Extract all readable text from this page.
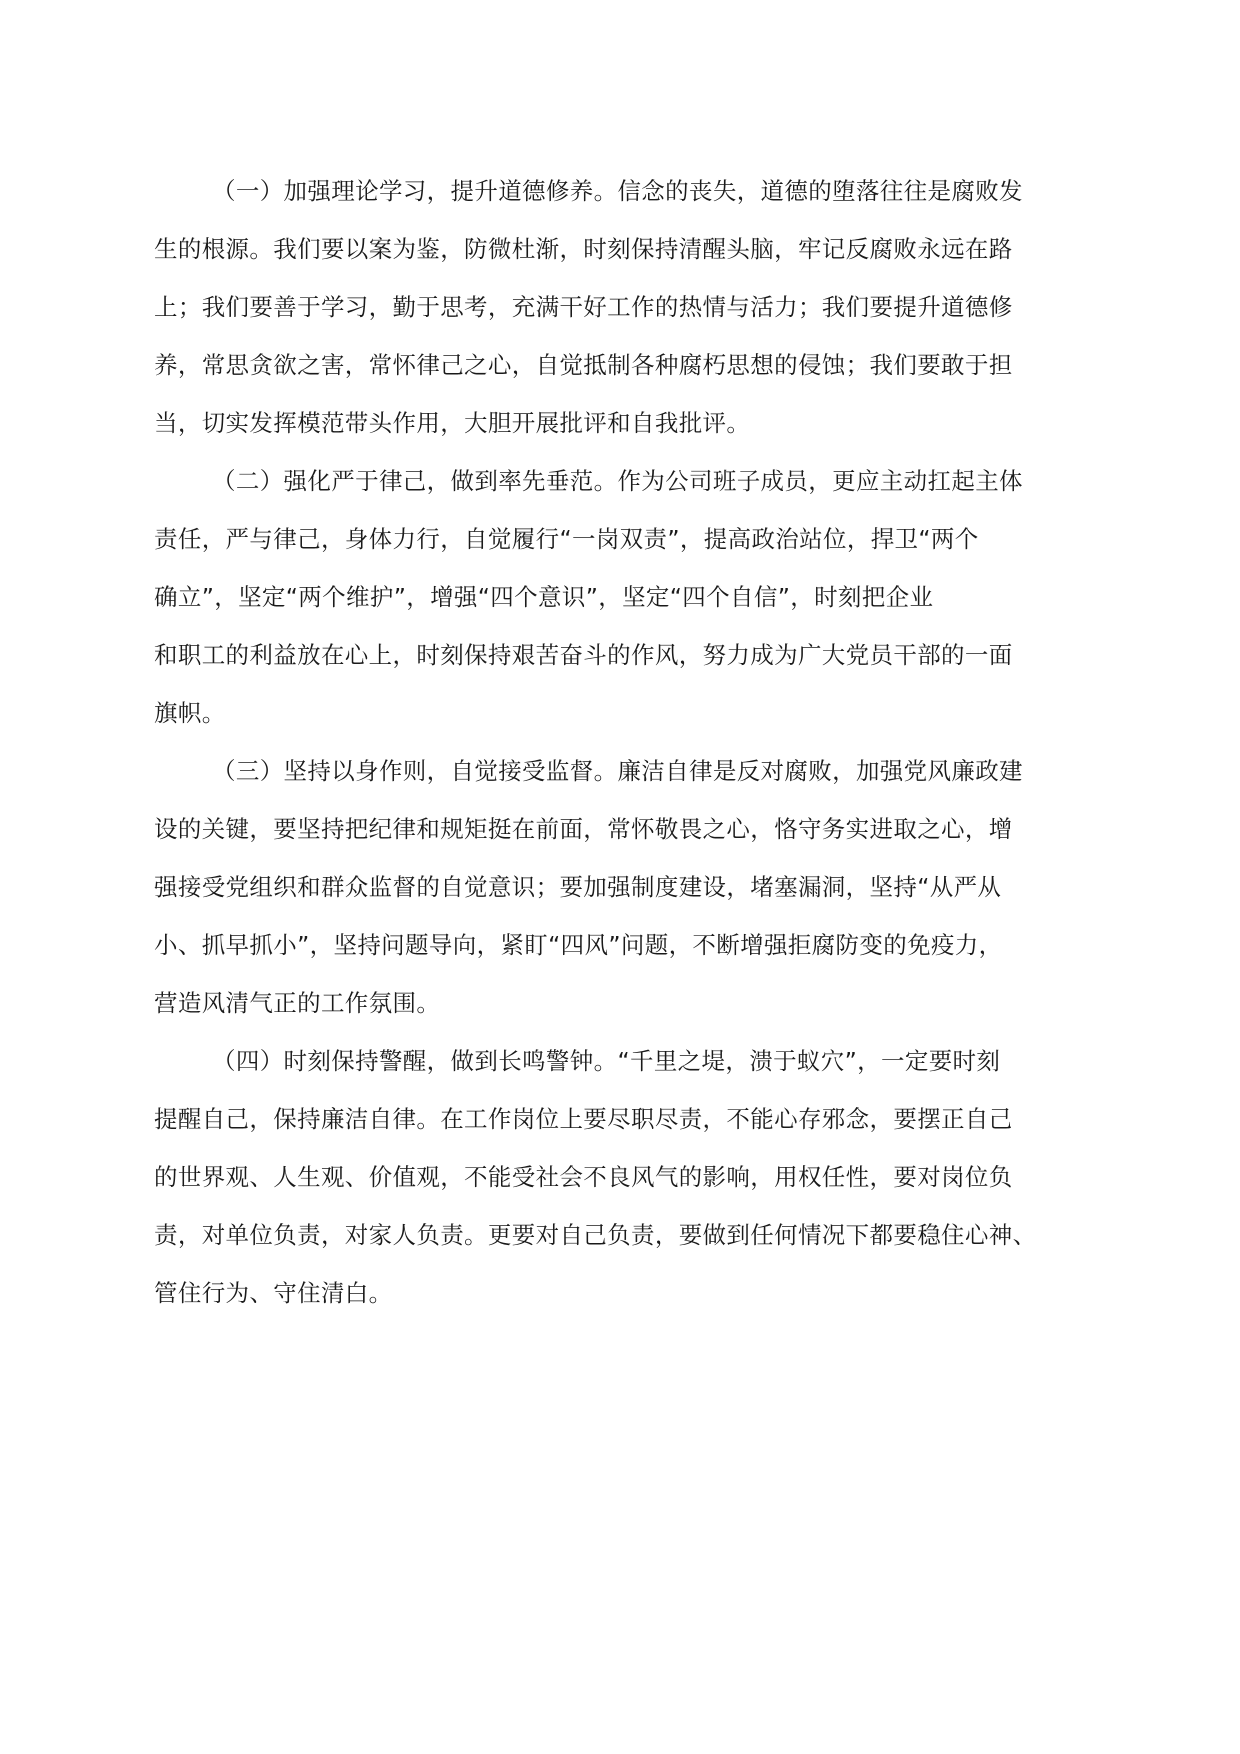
（一）加强理论学习，提升道德修养。信念的丧失，道德的堕落往往是腐败发

生的根源。我们要以案为鉴，防微杜渐，时刻保持清醒头脑，牢记反腐败永远在路

上；我们要善于学习，勤于思考，充满干好工作的热情与活力；我们要提升道德修

养，常思贪欲之害，常怀律己之心，自觉抵制各种腐朽思想的侵蚀；我们要敢于担

当，切实发挥模范带头作用，大胆开展批评和自我批评。

（二）强化严于律己，做到率先垂范。作为公司班子成员，更应主动扛起主体

责任，严与律己，身体力行，自觉履行“一岗双责”，提高政治站位，捍卫“两个

确立”，坚定“两个维护”，增强“四个意识”，坚定“四个自信”，时刻把企业

和职工的利益放在心上，时刻保持艰苦奋斗的作风，努力成为广大党员干部的一面

旗帜。

（三）坚持以身作则，自觉接受监督。廉洁自律是反对腐败，加强党风廉政建

设的关键，要坚持把纪律和规矩挺在前面，常怀敬畏之心，恪守务实进取之心，增

强接受党组织和群众监督的自觉意识；要加强制度建设，堵塞漏洞，坚持“从严从

小、抓早抓小”，坚持问题导向，紧盯“四风”问题，不断增强拒腐防变的免疫力，

营造风清气正的工作氛围。

（四）时刻保持警醒，做到长鸣警钟。“千里之堤，溃于蚁穴”，一定要时刻

提醒自己，保持廉洁自律。在工作岗位上要尽职尽责，不能心存邪念，要摆正自己

的世界观、人生观、价值观，不能受社会不良风气的影响，用权任性，要对岗位负

责，对单位负责，对家人负责。更要对自己负责，要做到任何情况下都要稳住心神、

管住行为、守住清白。
